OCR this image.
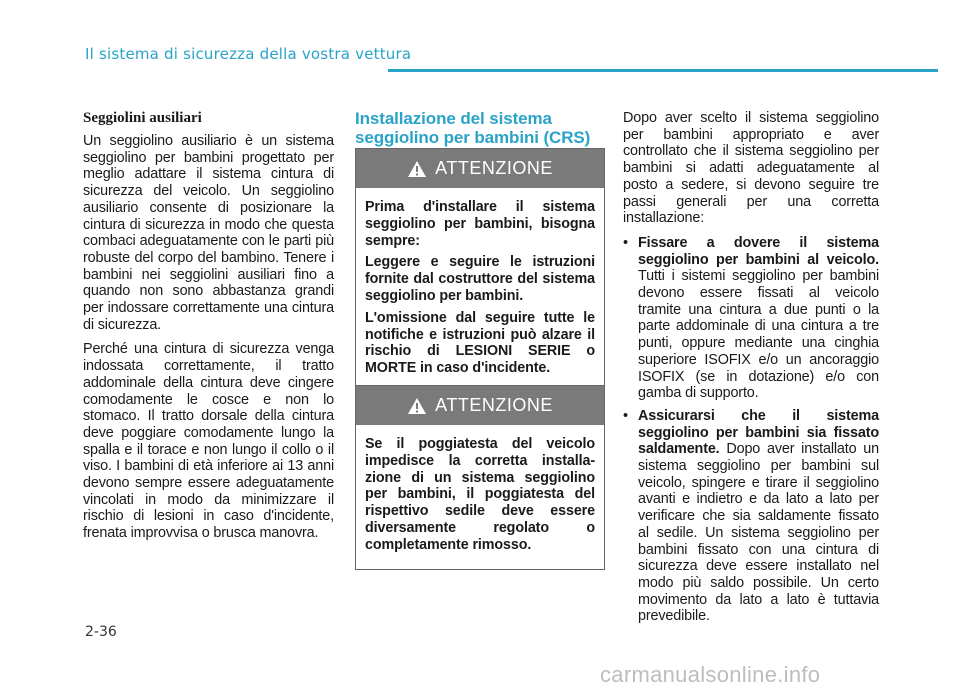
Il sistema di sicurezza della vostra vettura
Seggiolini ausiliari

Un seggiolino ausiliario è un sistema seggiolino per bambini progettato per meglio adattare il sistema cintura di sicurezza del veicolo. Un seggiolino ausiliario consente di posizionare la cintura di sicurezza in modo che questa combaci adeguatamente con le parti più robuste del corpo del bambino. Tenere i bambini nei seggiolini ausiliari fino a quando non sono abbastanza grandi per indossare correttamente una cintura di sicurezza.

Perché una cintura di sicurezza venga indossata correttamente, il tratto addominale della cintura deve cingere comodamente le cosce e non lo stomaco. Il tratto dorsale della cintura deve poggiare comodamente lungo la spalla e il torace e non lungo il collo o il viso. I bambini di età inferiore ai 13 anni devono sempre essere adeguatamente vincolati in modo da minimizzare il rischio di lesioni in caso d'incidente, frenata improvvisa o brusca manovra.

Installazione del sistema seggiolino per bambini (CRS)
ATTENZIONE

Prima d'installare il sistema seggiolino per bambini, bisogna sempre:

Leggere e seguire le istruzioni fornite dal costruttore del sistema seggiolino per bambini.

L'omissione dal seguire tutte le notifiche e istruzioni può alzare il rischio di LESIONI SERIE o MORTE in caso d'incidente.

ATTENZIONE

Se il poggiatesta del veicolo impedisce la corretta installa-zione di un sistema seggiolino per bambini, il poggiatesta del rispettivo sedile deve essere diversamente regolato o completamente rimosso.

Dopo aver scelto il sistema seggiolino per bambini appropriato e aver controllato che il sistema seggiolino per bambini si adatti adeguatamente al posto a sedere, si devono seguire tre passi generali per una corretta installazione:

• Fissare a dovere il sistema seggiolino per bambini al veicolo. Tutti i sistemi seggiolino per bambini devono essere fissati al veicolo tramite una cintura a due punti o la parte addominale di una cintura a tre punti, oppure mediante una cinghia superiore ISOFIX e/o un ancoraggio ISOFIX (se in dotazione) e/o con gamba di supporto.
• Assicurarsi che il sistema seggiolino per bambini sia fissato saldamente. Dopo aver installato un sistema seggiolino per bambini sul veicolo, spingere e tirare il seggiolino avanti e indietro e da lato a lato per verificare che sia saldamente fissato al sedile. Un sistema seggiolino per bambini fissato con una cintura di sicurezza deve essere installato nel modo più saldo possibile. Un certo movimento da lato a lato è tuttavia prevedibile.
2-36
carmanualsonline.info
